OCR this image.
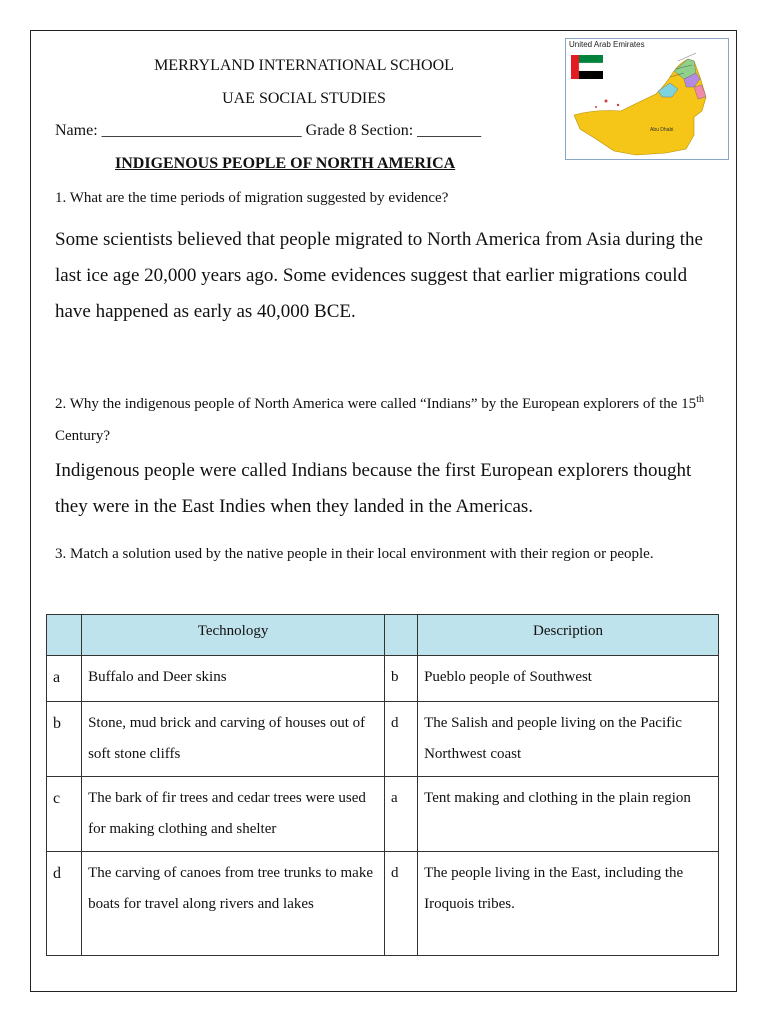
MERRYLAND INTERNATIONAL SCHOOL
UAE SOCIAL STUDIES
Name: _________________________ Grade 8 Section: ________
INDIGENOUS PEOPLE OF NORTH AMERICA
United Arab Emirates
Abu Dhabi
1. What are the time periods of migration suggested by evidence?
Some scientists believed that people migrated to North America from Asia during the last ice age 20,000 years ago. Some evidences suggest that earlier migrations could have happened as early as 40,000 BCE.
2. Why the indigenous people of North America were called “Indians” by the European explorers of the 15th Century?
Indigenous people were called Indians because the first European explorers thought they were in the East Indies when they landed in the Americas.
3. Match a solution used by the native people in their local environment with their region or people.
	Technology		Description
a	Buffalo and Deer skins	b	Pueblo people of Southwest
b	Stone, mud brick and carving of houses out of soft stone cliffs	d	The Salish and people living on the Pacific Northwest coast
c	The bark of fir trees and cedar trees were used for making clothing and shelter	a	Tent making and clothing in the plain region
d	The carving of canoes from tree trunks to make boats for travel along rivers and lakes	d	The people living in the East, including the Iroquois tribes.
